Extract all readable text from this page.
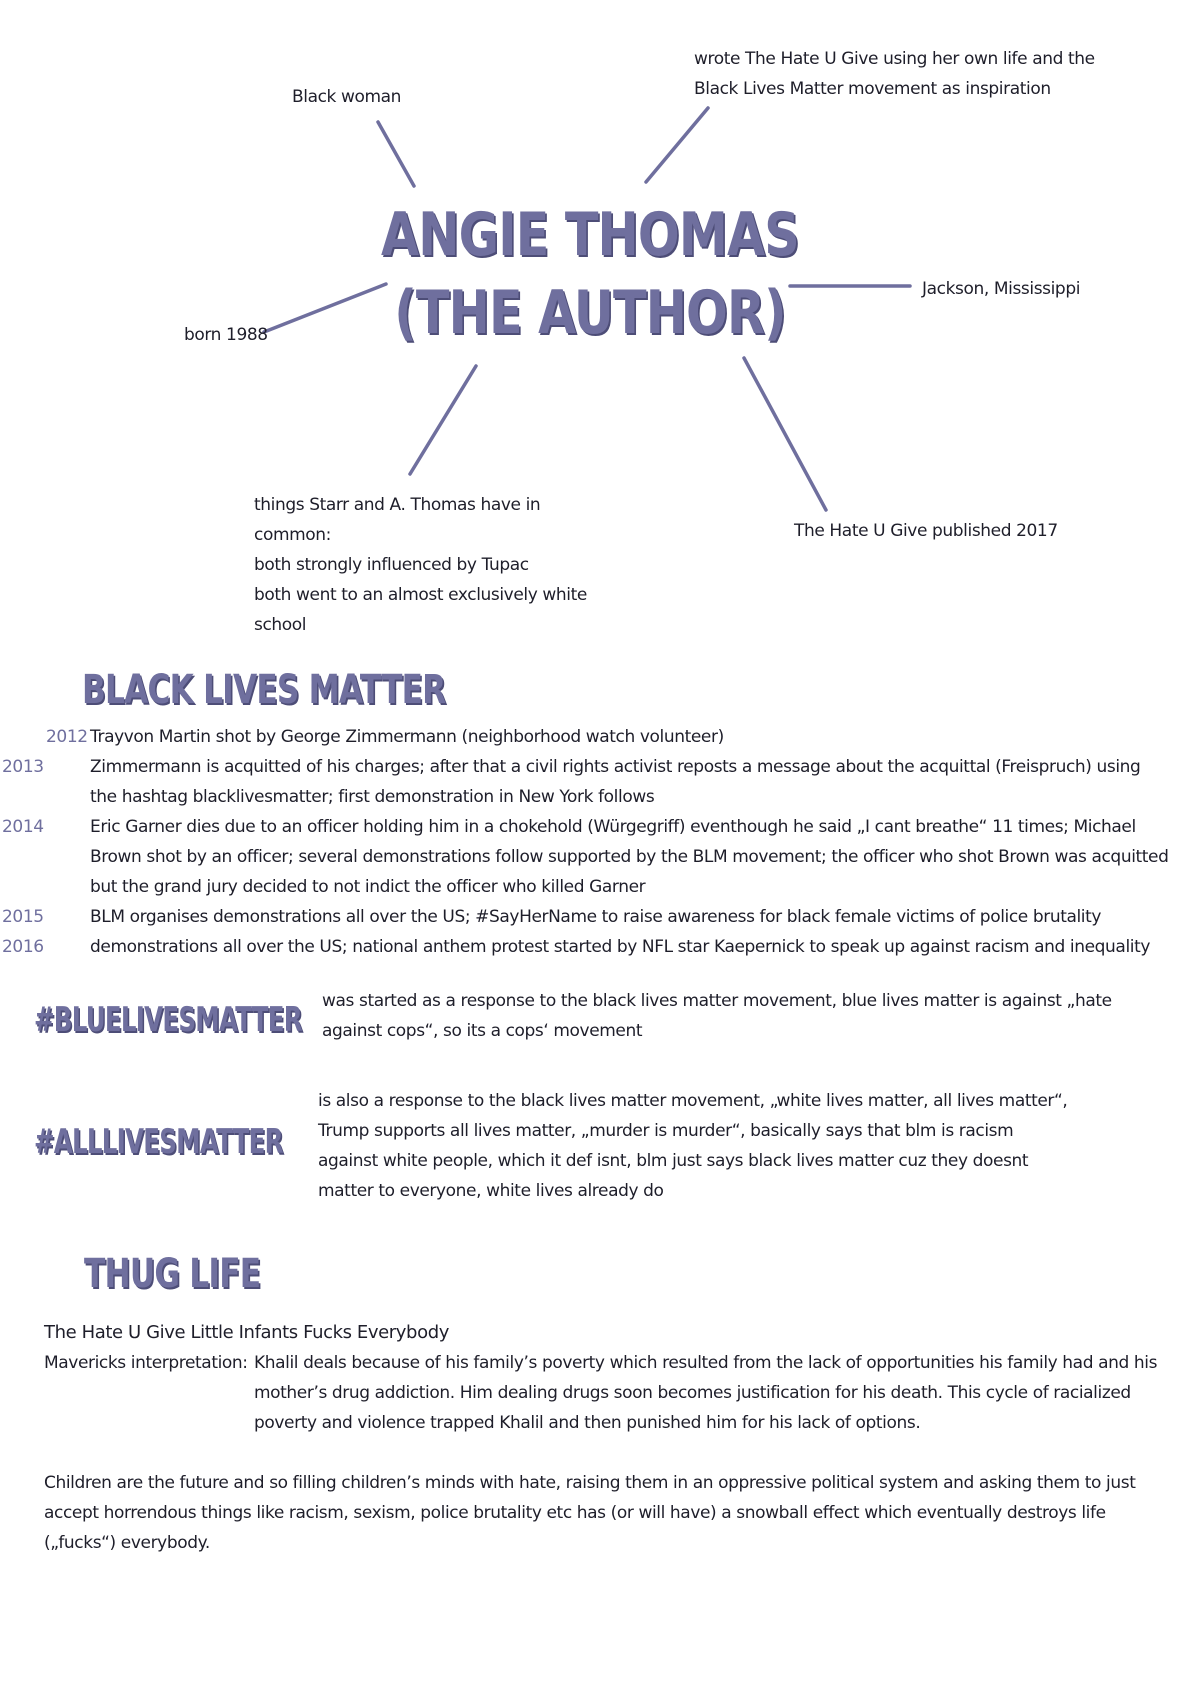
ANGIE THOMAS
(THE AUTHOR)
Black woman
wrote The Hate U Give using her own life and the Black Lives Matter movement as inspiration
born 1988
Jackson, Mississippi
The Hate U Give published 2017
things Starr and A. Thomas have in common:
both strongly influenced by Tupac
both went to an almost exclusively white school
BLACK LIVES MATTER
2012 Trayvon Martin shot by George Zimmermann (neighborhood watch volunteer)
2013	Zimmermann is acquitted of his charges; after that a civil rights activist reposts a message about the acquittal (Freispruch) using the hashtag blacklivesmatter; first demonstration in New York follows
2014	Eric Garner dies due to an officer holding him in a chokehold (Würgegriff) eventhough he said „I cant breathe“ 11 times; Michael Brown shot by an officer; several demonstrations follow supported by the BLM movement; the officer who shot Brown was acquitted but the grand jury decided to not indict the officer who killed Garner
2015	BLM organises demonstrations all over the US; #SayHerName to raise awareness for black female victims of police brutality
2016	demonstrations all over the US; national anthem protest started by NFL star Kaepernick to speak up against racism and inequality
#BLUELIVESMATTER was started as a response to the black lives matter movement, blue lives matter is against „hate against cops“, so its a cops‘ movement
#ALLLIVESMATTER
is also a response to the black lives matter movement, „white lives matter, all lives matter“, Trump supports all lives matter, „murder is murder“, basically says that blm is racism against white people, which it def isnt, blm just says black lives matter cuz they doesnt matter to everyone, white lives already do
THUG LIFE
The Hate U Give Little Infants Fucks Everybody
Mavericks interpretation: Khalil deals because of his family’s poverty which resulted from the lack of opportunities his family had and his mother’s drug addiction. Him dealing drugs soon becomes justification for his death. This cycle of racialized poverty and violence trapped Khalil and then punished him for his lack of options.
Children are the future and so filling children’s minds with hate, raising them in an oppressive political system and asking them to just accept horrendous things like racism, sexism, police brutality etc has (or will have) a snowball effect which eventually destroys life („fucks“) everybody.
